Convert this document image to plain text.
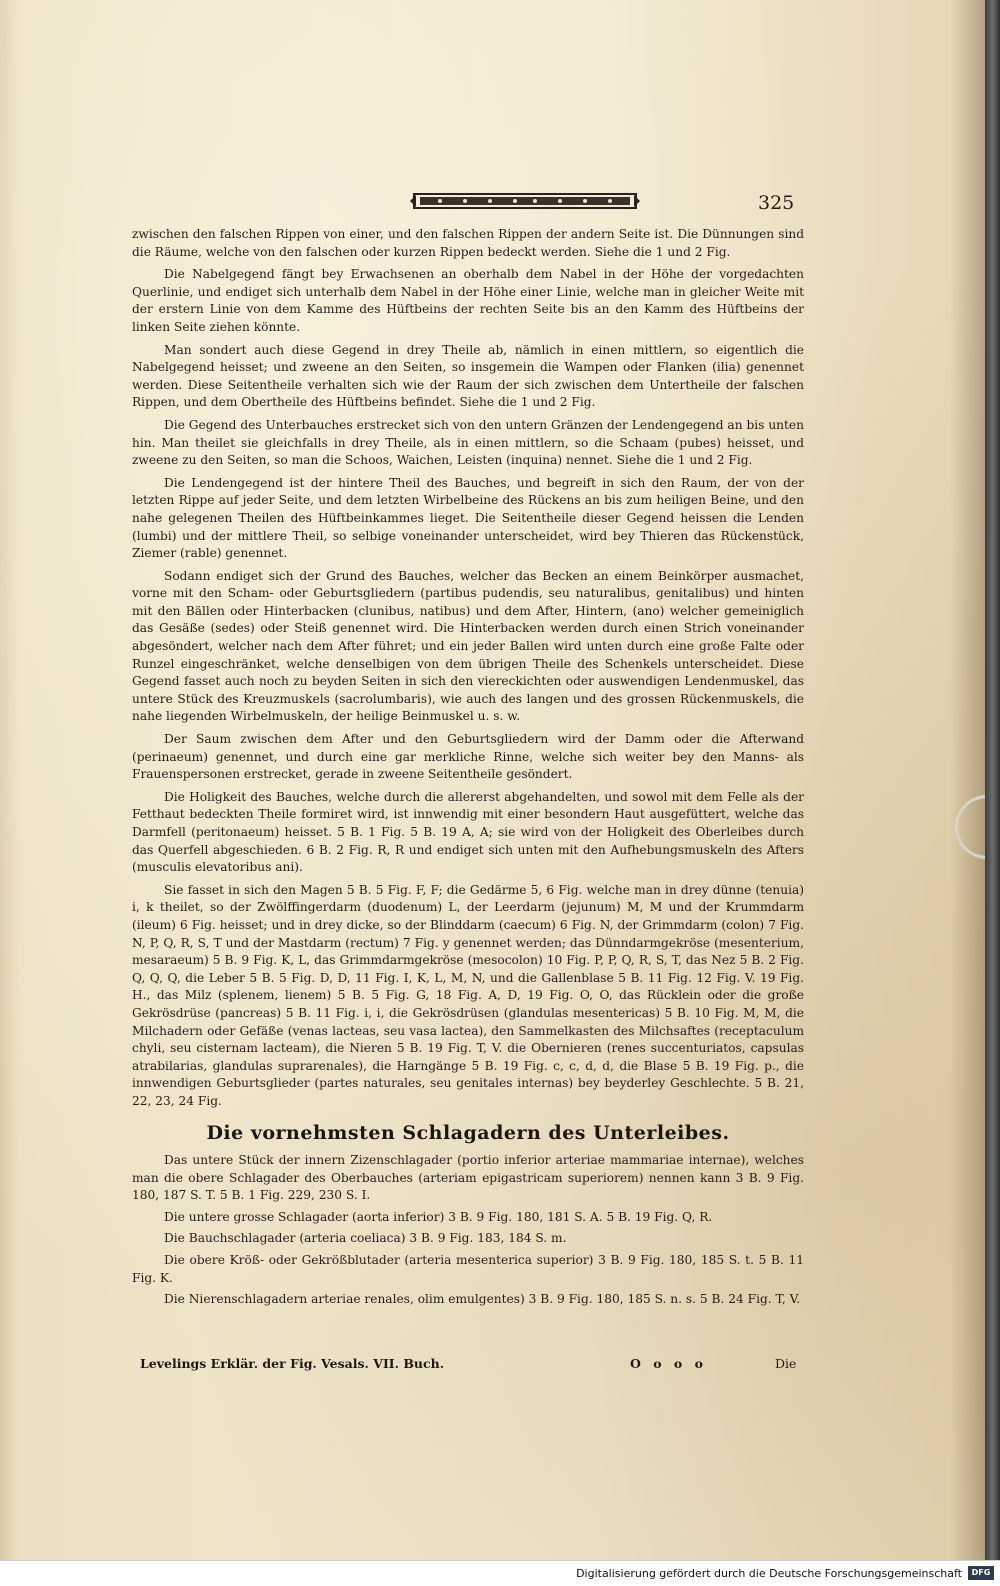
325

zwischen den falschen Rippen von einer, und den falschen Rippen der andern Seite ist. Die Dünnungen sind die Räume, welche von den falschen oder kurzen Rippen bedeckt werden. Siehe die 1 und 2 Fig.

Die Nabelgegend fängt bey Erwachsenen an oberhalb dem Nabel in der Höhe der vorgedachten Querlinie, und endiget sich unterhalb dem Nabel in der Höhe einer Linie, welche man in gleicher Weite mit der erstern Linie von dem Kamme des Hüftbeins der rechten Seite bis an den Kamm des Hüftbeins der linken Seite ziehen könnte.

Man sondert auch diese Gegend in drey Theile ab, nämlich in einen mittlern, so eigentlich die Nabelgegend heisset; und zweene an den Seiten, so insgemein die Wampen oder Flanken (ilia) genennet werden. Diese Seitentheile verhalten sich wie der Raum der sich zwischen dem Untertheile der falschen Rippen, und dem Obertheile des Hüftbeins befindet. Siehe die 1 und 2 Fig.

Die Gegend des Unterbauches erstrecket sich von den untern Gränzen der Lendengegend an bis unten hin. Man theilet sie gleichfalls in drey Theile, als in einen mittlern, so die Schaam (pubes) heisset, und zweene zu den Seiten, so man die Schoos, Waichen, Leisten (inquina) nennet. Siehe die 1 und 2 Fig.

Die Lendengegend ist der hintere Theil des Bauches, und begreift in sich den Raum, der von der letzten Rippe auf jeder Seite, und dem letzten Wirbelbeine des Rückens an bis zum heiligen Beine, und den nahe gelegenen Theilen des Hüftbeinkammes lieget. Die Seitentheile dieser Gegend heissen die Lenden (lumbi) und der mittlere Theil, so selbige voneinander unterscheidet, wird bey Thieren das Rückenstück, Ziemer (rable) genennet.

Sodann endiget sich der Grund des Bauches, welcher das Becken an einem Beinkörper ausmachet, vorne mit den Scham- oder Geburtsgliedern (partibus pudendis, seu naturalibus, genitalibus) und hinten mit den Bällen oder Hinterbacken (clunibus, natibus) und dem After, Hintern, (ano) welcher gemeiniglich das Gesäße (sedes) oder Steiß genennet wird. Die Hinterbacken werden durch einen Strich voneinander abgesöndert, welcher nach dem After führet; und ein jeder Ballen wird unten durch eine große Falte oder Runzel eingeschränket, welche denselbigen von dem übrigen Theile des Schenkels unterscheidet. Diese Gegend fasset auch noch zu beyden Seiten in sich den viereckichten oder auswendigen Lendenmuskel, das untere Stück des Kreuzmuskels (sacrolumbaris), wie auch des langen und des grossen Rückenmuskels, die nahe liegenden Wirbelmuskeln, der heilige Beinmuskel u. s. w.

Der Saum zwischen dem After und den Geburtsgliedern wird der Damm oder die Afterwand (perinaeum) genennet, und durch eine gar merkliche Rinne, welche sich weiter bey den Manns- als Frauenspersonen erstrecket, gerade in zweene Seitentheile gesöndert.

Die Holigkeit des Bauches, welche durch die allererst abgehandelten, und sowol mit dem Felle als der Fetthaut bedeckten Theile formiret wird, ist innwendig mit einer besondern Haut ausgefüttert, welche das Darmfell (peritonaeum) heisset. 5 B. 1 Fig. 5 B. 19 A, A; sie wird von der Holigkeit des Oberleibes durch das Querfell abgeschieden. 6 B. 2 Fig. R, R und endiget sich unten mit den Aufhebungsmuskeln des Afters (musculis elevatoribus ani).

Sie fasset in sich den Magen 5 B. 5 Fig. F, F; die Gedärme 5, 6 Fig. welche man in drey dünne (tenuia) i, k theilet, so der Zwölffingerdarm (duodenum) L, der Leerdarm (jejunum) M, M und der Krummdarm (ileum) 6 Fig. heisset; und in drey dicke, so der Blinddarm (caecum) 6 Fig. N, der Grimmdarm (colon) 7 Fig. N, P, Q, R, S, T und der Mastdarm (rectum) 7 Fig. y genennet werden; das Dünndarmgekröse (mesenterium, mesaraeum) 5 B. 9 Fig. K, L, das Grimmdarmgekröse (mesocolon) 10 Fig. P, P, Q, R, S, T, das Nez 5 B. 2 Fig. Q, Q, Q, die Leber 5 B. 5 Fig. D, D, 11 Fig. I, K, L, M, N, und die Gallenblase 5 B. 11 Fig. 12 Fig. V. 19 Fig. H., das Milz (splenem, lienem) 5 B. 5 Fig. G, 18 Fig. A, D, 19 Fig. O, O, das Rücklein oder die große Gekrösdrüse (pancreas) 5 B. 11 Fig. i, i, die Gekrösdrüsen (glandulas mesentericas) 5 B. 10 Fig. M, M, die Milchadern oder Gefäße (venas lacteas, seu vasa lactea), den Sammelkasten des Milchsaftes (receptaculum chyli, seu cisternam lacteam), die Nieren 5 B. 19 Fig. T, V. die Obernieren (renes succenturiatos, capsulas atrabilarias, glandulas suprarenales), die Harngänge 5 B. 19 Fig. c, c, d, d, die Blase 5 B. 19 Fig. p., die innwendigen Geburtsglieder (partes naturales, seu genitales internas) bey beyderley Geschlechte. 5 B. 21, 22, 23, 24 Fig.

Die vornehmsten Schlagadern des Unterleibes.

Das untere Stück der innern Zizenschlagader (portio inferior arteriae mammariae internae), welches man die obere Schlagader des Oberbauches (arteriam epigastricam superiorem) nennen kann 3 B. 9 Fig. 180, 187 S. T. 5 B. 1 Fig. 229, 230 S. I.

Die untere grosse Schlagader (aorta inferior) 3 B. 9 Fig. 180, 181 S. A. 5 B. 19 Fig. Q, R.

Die Bauchschlagader (arteria coeliaca) 3 B. 9 Fig. 183, 184 S. m.

Die obere Kröß- oder Gekrößblutader (arteria mesenterica superior) 3 B. 9 Fig. 180, 185 S. t. 5 B. 11 Fig. K.

Die Nierenschlagadern arteriae renales, olim emulgentes) 3 B. 9 Fig. 180, 185 S. n. s. 5 B. 24 Fig. T, V.

Levelings Erklär. der Fig. Vesals. VII. Buch.	O o o o	Die
Digitalisierung gefördert durch die Deutsche Forschungsgemeinschaft	DFG
